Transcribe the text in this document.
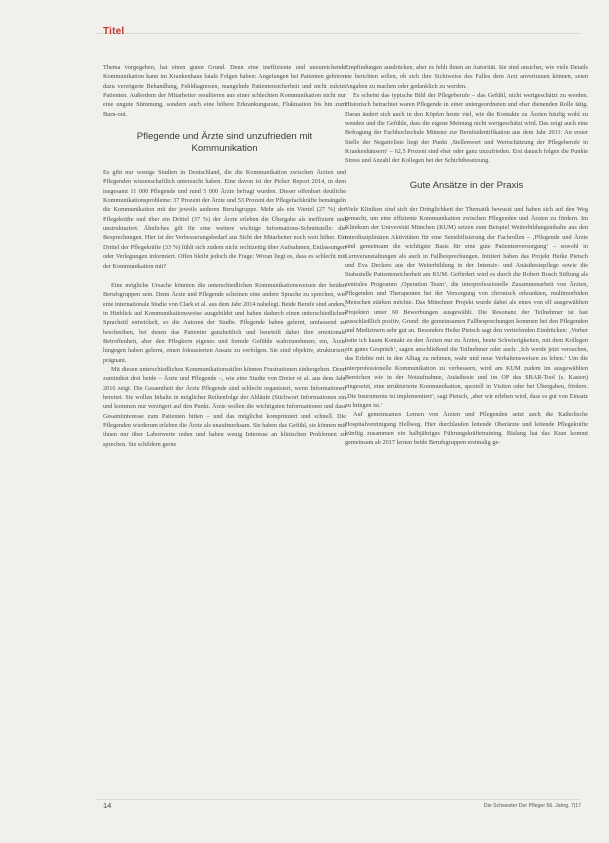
Titel

Thema vorgegeben, hat einen guten Grund. Denn eine ineffiziente und unzureichende Kommunikation kann im Krankenhaus fatale Folgen haben: Angefangen bei Patienten gehören dazu verzögerte Behandlung, Fehldiagnosen, mangelnde Patientensicherheit und nicht zuletzt Patienten. Außerdem der Mitarbeiter resultieren aus einer schlechten Kommunikation nicht nur eine ungute Stimmung, sondern auch eine höhere Erkrankungsrate, Fluktuation bis hin zum Burn-out.

Pflegende und Ärzte sind unzufrieden mit Kommunikation

Es gibt nur wenige Studien in Deutschland, die die Kommunikation zwischen Ärzten und Pflegenden wissenschaftlich untersucht haben. Eine davon ist der Picker Report 2014, in dem insgesamt 11 000 Pflegende und rund 5 000 Ärzte befragt wurden. Dieser offenbart deutliche Kommunikationsprobleme: 37 Prozent der Ärzte und 53 Prozent der Pflegefachkräfte bemängeln die Kommunikation mit der jeweils anderen Berufsgruppe. Mehr als ein Viertel (27 %) der Pflegekräfte und über ein Drittel (37 %) der Ärzte erleben die Übergabe als ineffizient und unstrukturiert. Ähnliches gilt für eine weitere wichtige Informations-Schnittstelle: die Besprechungen. Hier ist der Verbesserungsbedarf aus Sicht der Mitarbeiter noch weit höher. Ein Drittel der Pflegekräfte (33 %) fühlt sich zudem nicht rechtzeitig über Aufnahmen, Entlassungen oder Verlegungen informiert. Offen bleibt jedoch die Frage: Woran liegt es, dass es schlecht mit der Kommunikation mit?

Eine mögliche Ursache könnten die unterschiedlichen Kommunikationsweisen der beiden Berufsgruppen sein. Denn Ärzte und Pflegende scheinen eine andere Sprache zu sprechen, wie eine internationale Studie von Clark et al. aus dem Jahr 2014 nahelegt. Beide Berufe sind anders, in Hinblick auf Kommunikationsweise ausgebildet und haben dadurch einen unterschiedlichen Sprachstil entwickelt, so die Autoren der Studie. Pflegende haben gelernt, umfassend zu beschreiben, bei denen das Patientin ganzheitlich und beurteilt dabei ihre emotionale Betroffenheit, aber den Pflegkern eigenes und fremde Gefühle wahrzunehmen; ein, Ärzte hingegen haben gelernt, einen fokussierten Ansatz zu verfolgen. Sie sind objektiv, strukturiert, prägnant.

Mit diesen unterschiedlichen Kommunikationsstilen können Frustrationen einhergehen. Denn zumindest drei beide – Ärzte und Pflegende –, wie eine Studie von Dreier et al. aus dem Jahr 2016 zeigt. Die Gesamtheit der Ärzte Pflegende sind schlecht organisiert, wenn Informationen bereitet. Sie wollen Inhalte in möglicher Reihenfolge der Abläufe (Stichwort Informationen ein und kommen nur verzögert auf den Punkt. Ärzte wollen die wichtigsten Informationen und dass Gesamtinteresse zum Patienten bitten – und das möglichst komprimiert und schnell. Die Pflegenden wiederum erleben die Ärzte als unaufmerksam. Sie haben das Gefühl, sie können mit ihnen nur über Laborwerte reden und haben wenig Interesse an klinischen Problemen zu sprechen. Sie schildern gerne

Empfindungen ausdrücken, aber es fehlt ihnen an Autorität. Sie sind unsicher, wie viele Details sie berichten sollen, ob sich ihre Sichtweise des Falles dem Arzt anvertrauen können, seien Angaben zu machen oder gedanklich zu werden.

Es scheint das typische Bild der Pflegeberufe – das Gefühl, nicht wertgeschätzt zu werden. Historisch betrachtet waren Pflegende in einer untergeordneten und eher dienenden Rolle tätig. Daran ändert sich auch in den Köpfen heute viel, wie die Kontakte zu Ärzten häufig wohl zu wenden und die Gefühle, dass die eigene Meinung nicht wertgeschätzt wird. Das zeigt auch eine Befragung der Fachhochschule Münster zur Berufsidentifikation aus dem Jahr 2011: An erster Stelle der Negativliste liegt der Punkt ‚Stellenwert und Wertschätzung der Pflegeberufe in Krankenhäusern‘ – 62,5 Prozent sind eher oder ganz unzufrieden. Erst danach folgen die Punkte Stress und Anzahl der Kollegen bei der Schichtbesetzung.

Gute Ansätze in der Praxis

Viele Kliniken sind sich der Dringlichkeit der Thematik bewusst und haben sich auf den Weg gemacht, um eine effiziente Kommunikation zwischen Pflegenden und Ärzten zu fördern. Im Klinikum der Universität München (KUM) setzen zum Beispiel Weiterbildungsinhalte aus den interdisziplinären Aktivitäten für eine Sensibilisierung der Fachrollen – ‚Pflegende und Ärzte sind gemeinsam die wichtigste Basis für eine gute Patientenversorgung‘ – sowohl in Lernveranstaltungen als auch in Fallbesprechungen. Initiiert haben das Projekt Heike Pietsch und Eva Deckers aus der Weiterbildung in der Intensiv- und Anästhesiepflege sowie die Stabsstelle Patientensicherheit am KUM. Gefördert wird es durch die Robert Bosch Stiftung als zentrales Programm ‚Operation Team‘, die interprofessionelle Zusammenarbeit von Ärzten, Pflegenden und Therapeuten bei der Versorgung von chronisch erkrankten, multimorbiden Menschen stärken möchte. Das Münchner Projekt wurde dabei als eines von elf ausgewählten Projekten unter 60 Bewerbungen ausgewählt. Die Resonanz der Teilnehmer ist fast ausschließlich positiv, Grund: die gemeinsamen Fallbesprechungen kommen bei den Pflegenden und Medizinern sehr gut an. Besonders Heike Pietsch sagt den vertiefenden Eindrücken: ‚Vorher hatte ich kaum Kontakt zu den Ärzten nur zu Ärzten, heute Schwierigkeiten, mit dem Kollegen ein gutes Gespräch‘, sagen anschließend die Teilnehmer oder auch: ‚Ich werde jetzt versuchen, das Erlebte mit in den Alltag zu nehmen, wahr und neue Verhaltensweisen zu leben.‘ Um die interprofessionelle Kommunikation zu verbessern, wird am KUM zudem im ausgewählten Bereichen wie in der Notaufnahme, Anästhesie und im OP das SBAR-Tool (s. Kasten) eingesetzt, eine strukturierte Kommunikation, speziell in Visiten oder bei Übergaben, fördern. ‚Die Instrumente ist implementiert‘, sagt Pietsch, ‚aber wir erleben wird, dass es gut von Einsatz zu bringen ist.‘

Auf gemeinsames Lernen von Ärzten und Pflegenden setzt auch die Katholische Hospitalvereinigung Hellweg. Hier durchlaufen leitende Oberärzte und leitende Pflegekräfte künftig zusammen ein halbjähriges Führungskräftetraining. Bislang hat das Kran kommt gemeinsam ab 2017 lernen beide Berufsgruppen erstmalig ge-

14	Die Schwester Der Pfleger 56. Jahrg. 7|17
